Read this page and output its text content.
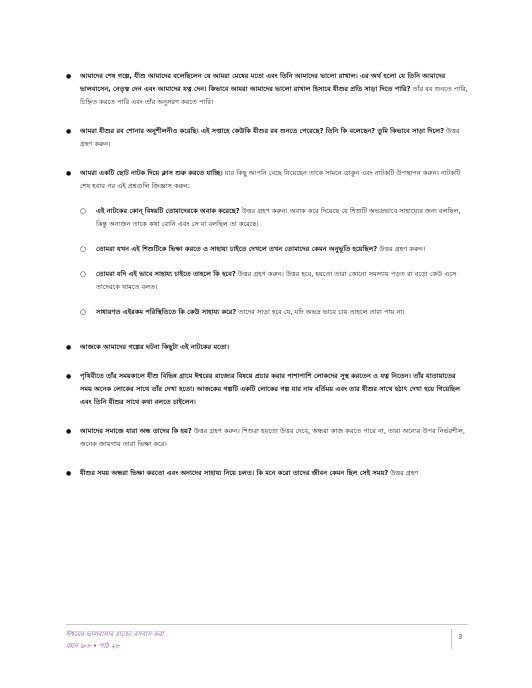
● আমাদের শেষ গল্পে, যীশু আমাদের বলেছিলেন যে আমরা মেষের মতো এবং তিনি আমাদের ভালো রাখাল। এর অর্থ হলো যে তিনি আমাদের ভালবাসেন, নেতৃত্ব দেন এবং আমাদের যত্ন দেন। কিভাবে আমরা আমাদের ভালো রাখাল হিসাবে যীশুর প্রতি সাড়া দিতে পারি? তাঁর রব শুনতে পারি, চিহ্নিত করতে পারি এবং তাঁর অনুসরণ করতে পারি।
● আমরা যীশুর রব শোনার অনুশীলনীও করেছি। এই সপ্তাহে কেউকি যীশুর রব শুনতে পেরেছে? তিনি কি বলেছেন? তুমি কিভাবে সাড়া দিলে? উত্তর গ্রহণ করুন।
● আমরা একটি ছোট নাটক দিয়ে ক্লাস শুরু করতে যাচ্ছি। যার কিছু আপনি বেছে নিয়েছেন তাকে সামনে ডাকুন এবং নাটকটি উপস্থাপন করুন। নাটকটি শেষ হবার পর এই প্রশ্নগুলি জিজ্ঞাস করুন:
○ এই নাটকের কোন্ বিষয়টি তোমাদেরকে অবাক করেছে? উত্তর গ্রহণ করুন। অবাক করে দিয়েছে যে শিশুটি অভদ্রভাবে সাহায্যের জন্য বলছিল, কিন্তু অন্যজন তাকে কথা বোনি এবং সে যা বলছিল তা করেছে।
○ তোমরা যখন এই শিশুটিকে ভিক্ষা করতে ও সাহায্য চাইতে দেখলে তখন তোমাদের কেমন অনুভূতি হয়েছিল? উত্তর গ্রহণ করুন।
○ তোমরা যদি এই ভাবে সাহায্য চাইতে তাহলে কি হবে? উত্তর গ্রহণ করুন। উত্তর হবে, হয়তো তারা কোনো সমস্যায় পড়ত বা বড়ো কেউ এসে তাদেরকে থামতে বলত।
○ সাধারণত এইরকম পরিস্থিতিতে কি কেউ সাহায্য করে? তাদের সাড়া হবে যে, যদি অভদ্র ভাবে চায় তাহলে তারা পায় না।
● আজকে আমাদের গল্পের ঘটনা কিছুটা এই নাটকের মতো।
● পৃথিবীতে তাঁর সময়কালে যীশু বিভিন্ন গ্রামে ঈশ্বরের রাজ্যের বিষয়ে প্রচার করার পাশাপাশি লোকদের সুস্থ করতেন ও যত্ন নিতেন। তাঁর যাতায়াতের সময় অনেক লোকের সাথে তাঁর দেখা হতো। আজকের গল্পটি একটি লোকের গল্প যার নাম বর্তিময় এবং তার যীশুর সাথে হঠাৎ দেখা হয়ে গিয়েছিল এবং তিনি যীশুর সাথে কথা বলতে চাইলেন।
● আমাদের সমাজে যারা অন্ধ তাদের কি হয়? উত্তর গ্রহণ করুন। শিশুরা হয়তো উত্তর দেবে, অন্ধরা কাজ করতে পারে না, তারা অন্যের উপর নির্ভরশীল, অনেক জায়গায় তারা ভিক্ষা করে।
● যীশুর সময় অন্ধরা ভিক্ষা করতো এবং অন্যদের সাহায্য নিয়ে চলত। কি মনে করো তাদের জীবন কেমন ছিল সেই সময়? উত্তর গ্রহণ
ঈশ্বরের ভালবাসার রাজ্যে বসবাস করা
বয়স ৬-৮ • পাঠ ২৮
3
